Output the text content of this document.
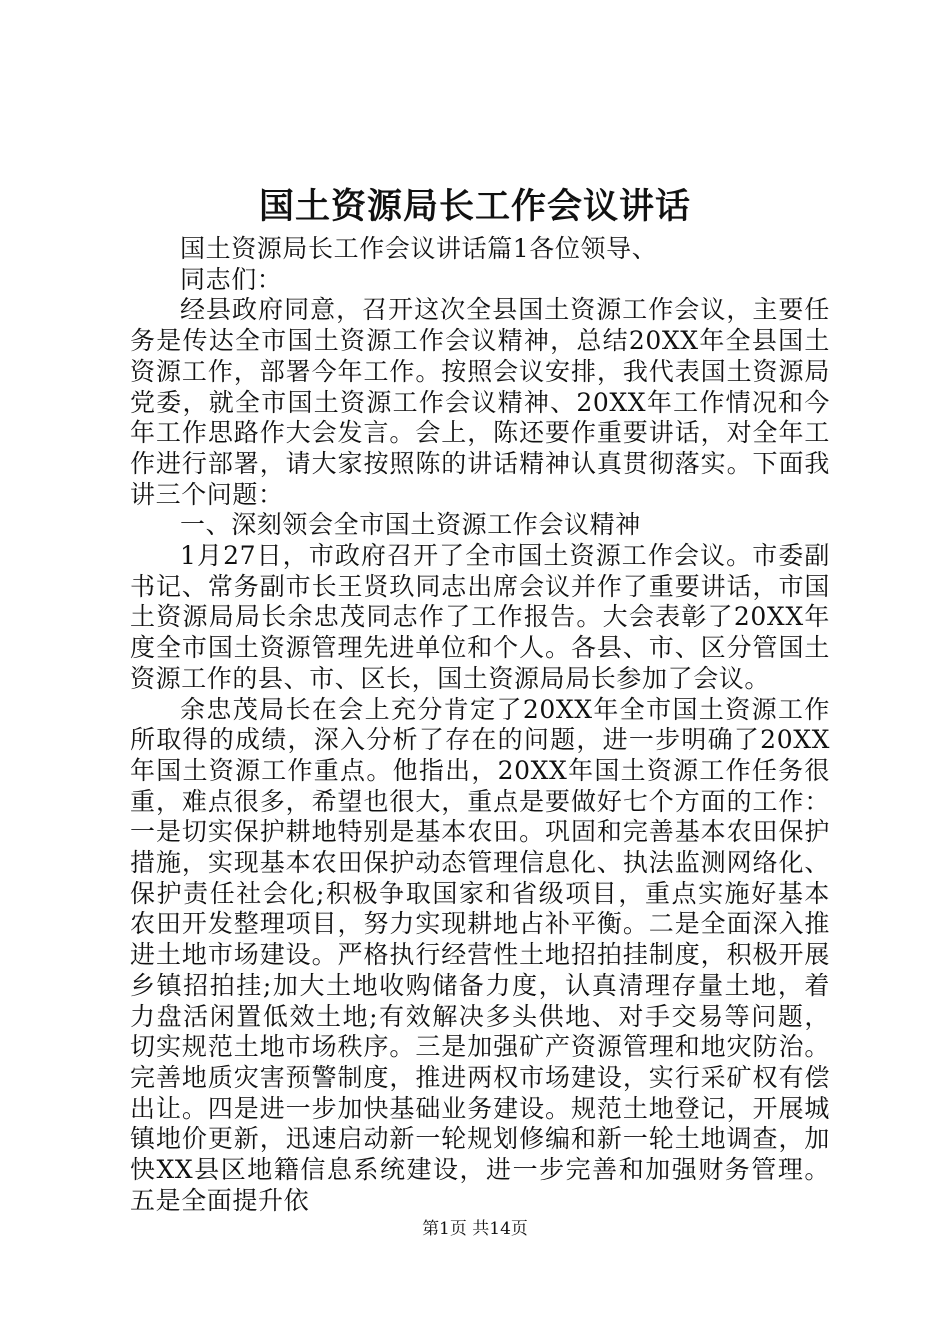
国土资源局长工作会议讲话

国土资源局长工作会议讲话篇1各位领导、

同志们：

经县政府同意，召开这次全县国土资源工作会议，主要任务是传达全市国土资源工作会议精神，总结20XX年全县国土资源工作，部署今年工作。按照会议安排，我代表国土资源局党委，就全市国土资源工作会议精神、20XX年工作情况和今年工作思路作大会发言。会上，陈还要作重要讲话，对全年工作进行部署，请大家按照陈的讲话精神认真贯彻落实。下面我讲三个问题：

一、深刻领会全市国土资源工作会议精神

1月27日，市政府召开了全市国土资源工作会议。市委副书记、常务副市长王贤玖同志出席会议并作了重要讲话，市国土资源局局长余忠茂同志作了工作报告。大会表彰了20XX年度全市国土资源管理先进单位和个人。各县、市、区分管国土资源工作的县、市、区长，国土资源局局长参加了会议。

余忠茂局长在会上充分肯定了20XX年全市国土资源工作所取得的成绩，深入分析了存在的问题，进一步明确了20XX年国土资源工作重点。他指出，20XX年国土资源工作任务很重，难点很多，希望也很大，重点是要做好七个方面的工作：一是切实保护耕地特别是基本农田。巩固和完善基本农田保护措施，实现基本农田保护动态管理信息化、执法监测网络化、保护责任社会化;积极争取国家和省级项目，重点实施好基本农田开发整理项目，努力实现耕地占补平衡。二是全面深入推进土地市场建设。严格执行经营性土地招拍挂制度，积极开展乡镇招拍挂;加大土地收购储备力度，认真清理存量土地，着力盘活闲置低效土地;有效解决多头供地、对手交易等问题，切实规范土地市场秩序。三是加强矿产资源管理和地灾防治。完善地质灾害预警制度，推进两权市场建设，实行采矿权有偿出让。四是进一步加快基础业务建设。规范土地登记，开展城镇地价更新，迅速启动新一轮规划修编和新一轮土地调查，加快XX县区地籍信息系统建设，进一步完善和加强财务管理。五是全面提升依

第1页 共14页
